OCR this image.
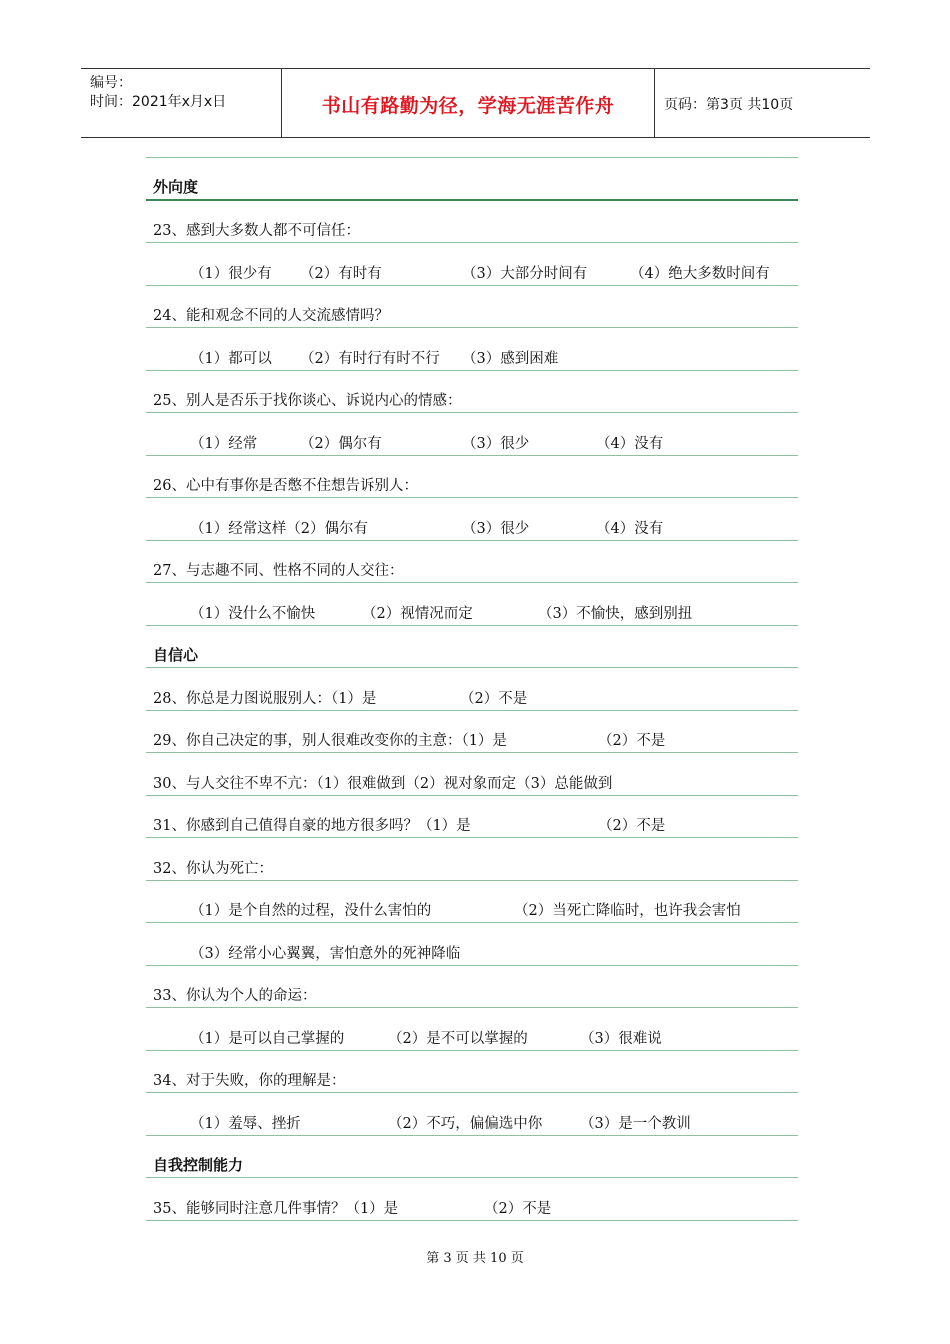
编号：
时间：2021年x月x日	书山有路勤为径，学海无涯苦作舟	页码：第3页 共10页
外向度
23、感到大多数人都不可信任：
（1）很少有 （2）有时有	（3）大部分时间有	（4）绝大多数时间有
24、能和观念不同的人交流感情吗？
（1）都可以 （2）有时行有时不行 （3）感到困难
25、别人是否乐于找你谈心、诉说内心的情感：
（1）经常	（2）偶尔有	（3）很少	（4）没有
26、心中有事你是否憋不住想告诉别人：
（1）经常这样（2）偶尔有	（3）很少	（4）没有
27、与志趣不同、性格不同的人交往：
（1）没什么不愉快	（2）视情况而定	（3）不愉快，感到别扭
自信心
28、你总是力图说服别人：（1）是	（2）不是
29、你自己决定的事，别人很难改变你的主意：（1）是	（2）不是
30、与人交往不卑不亢：（1）很难做到（2）视对象而定（3）总能做到
31、你感到自己值得自豪的地方很多吗？（1）是	（2）不是
32、你认为死亡：
（1）是个自然的过程，没什么害怕的	（2）当死亡降临时，也许我会害怕
（3）经常小心翼翼，害怕意外的死神降临
33、你认为个人的命运：
（1）是可以自己掌握的	（2）是不可以掌握的	（3）很难说
34、对于失败，你的理解是：
（1）羞辱、挫折	（2）不巧，偏偏选中你	（3）是一个教训
自我控制能力
35、能够同时注意几件事情？（1）是	（2）不是
第 3 页 共 10 页
